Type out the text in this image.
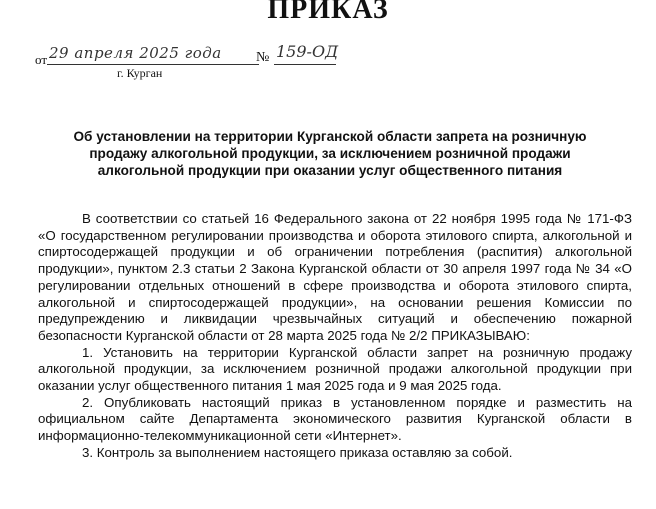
ПРИКАЗ
от 29 апреля 2025 года
г. Курган
№ 159-ОД
Об установлении на территории Курганской области запрета на розничную продажу алкогольной продукции, за исключением розничной продажи алкогольной продукции при оказании услуг общественного питания

В соответствии со статьей 16 Федерального закона от 22 ноября 1995 года № 171-ФЗ «О государственном регулировании производства и оборота этилового спирта, алкогольной и спиртосодержащей продукции и об ограничении потребления (распития) алкогольной продукции», пунктом 2.3 статьи 2 Закона Курганской области от 30 апреля 1997 года № 34 «О регулировании отдельных отношений в сфере производства и оборота этилового спирта, алкогольной и спиртосодержащей продукции», на основании решения Комиссии по предупреждению и ликвидации чрезвычайных ситуаций и обеспечению пожарной безопасности Курганской области от 28 марта 2025 года № 2/2 ПРИКАЗЫВАЮ:

1. Установить на территории Курганской области запрет на розничную продажу алкогольной продукции, за исключением розничной продажи алкогольной продукции при оказании услуг общественного питания 1 мая 2025 года и 9 мая 2025 года.

2. Опубликовать настоящий приказ в установленном порядке и разместить на официальном сайте Департамента экономического развития Курганской области в информационно-телекоммуникационной сети «Интернет».

3. Контроль за выполнением настоящего приказа оставляю за собой.
